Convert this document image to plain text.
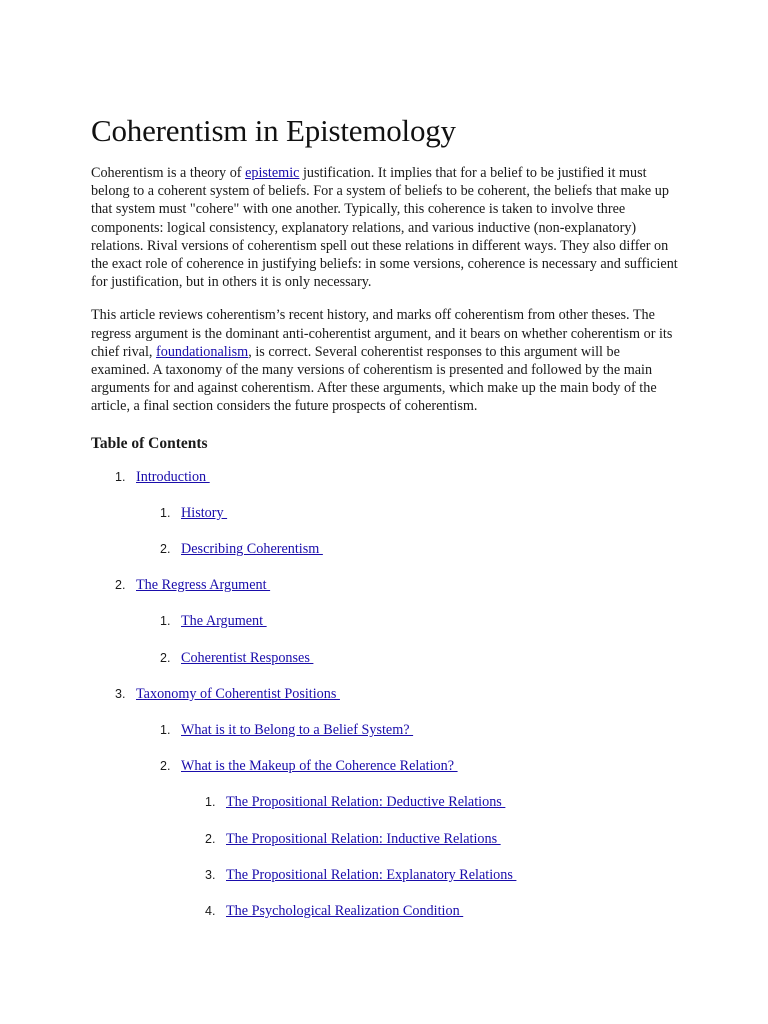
Coherentism in Epistemology

Coherentism is a theory of epistemic justification. It implies that for a belief to be justified it must belong to a coherent system of beliefs. For a system of beliefs to be coherent, the beliefs that make up that system must "cohere" with one another. Typically, this coherence is taken to involve three components: logical consistency, explanatory relations, and various inductive (non-explanatory) relations. Rival versions of coherentism spell out these relations in different ways. They also differ on the exact role of coherence in justifying beliefs: in some versions, coherence is necessary and sufficient for justification, but in others it is only necessary.

This article reviews coherentism’s recent history, and marks off coherentism from other theses. The regress argument is the dominant anti-coherentist argument, and it bears on whether coherentism or its chief rival, foundationalism, is correct. Several coherentist responses to this argument will be examined. A taxonomy of the many versions of coherentism is presented and followed by the main arguments for and against coherentism. After these arguments, which make up the main body of the article, a final section considers the future prospects of coherentism.

Table of Contents
1. Introduction
1. History
2. Describing Coherentism
2. The Regress Argument
1. The Argument
2. Coherentist Responses
3. Taxonomy of Coherentist Positions
1. What is it to Belong to a Belief System?
2. What is the Makeup of the Coherence Relation?
1. The Propositional Relation: Deductive Relations
2. The Propositional Relation: Inductive Relations
3. The Propositional Relation: Explanatory Relations
4. The Psychological Realization Condition
